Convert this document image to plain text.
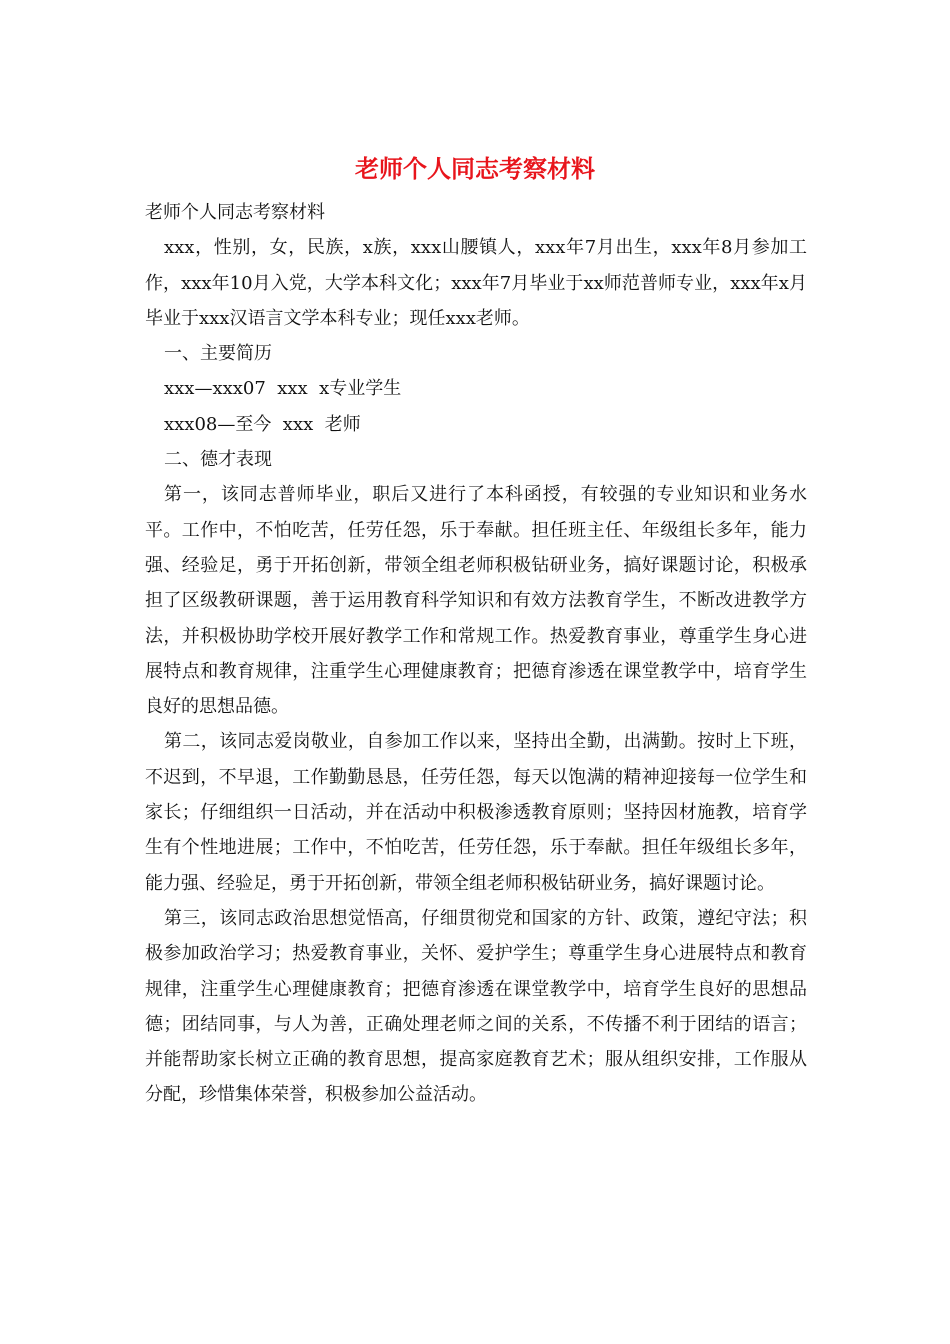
老师个人同志考察材料

老师个人同志考察材料

xxx，性别，女，民族，x族，xxx山腰镇人，xxx年7月出生，xxx年8月参加工作，xxx年10月入党，大学本科文化；xxx年7月毕业于xx师范普师专业，xxx年x月毕业于xxx汉语言文学本科专业；现任xxx老师。

一、主要简历

xxx—xxx07  xxx  x专业学生

xxx08—至今  xxx  老师

二、德才表现

第一，该同志普师毕业，职后又进行了本科函授，有较强的专业知识和业务水平。工作中，不怕吃苦，任劳任怨，乐于奉献。担任班主任、年级组长多年，能力强、经验足，勇于开拓创新，带领全组老师积极钻研业务，搞好课题讨论，积极承担了区级教研课题，善于运用教育科学知识和有效方法教育学生，不断改进教学方法，并积极协助学校开展好教学工作和常规工作。热爱教育事业，尊重学生身心进展特点和教育规律，注重学生心理健康教育；把德育渗透在课堂教学中，培育学生良好的思想品德。

第二，该同志爱岗敬业，自参加工作以来，坚持出全勤，出满勤。按时上下班，不迟到，不早退，工作勤勤恳恳，任劳任怨，每天以饱满的精神迎接每一位学生和家长；仔细组织一日活动，并在活动中积极渗透教育原则；坚持因材施教，培育学生有个性地进展；工作中，不怕吃苦，任劳任怨，乐于奉献。担任年级组长多年，能力强、经验足，勇于开拓创新，带领全组老师积极钻研业务，搞好课题讨论。

第三，该同志政治思想觉悟高，仔细贯彻党和国家的方针、政策，遵纪守法；积极参加政治学习；热爱教育事业，关怀、爱护学生；尊重学生身心进展特点和教育规律，注重学生心理健康教育；把德育渗透在课堂教学中，培育学生良好的思想品德；团结同事，与人为善，正确处理老师之间的关系，不传播不利于团结的语言；并能帮助家长树立正确的教育思想，提高家庭教育艺术；服从组织安排，工作服从分配，珍惜集体荣誉，积极参加公益活动。
